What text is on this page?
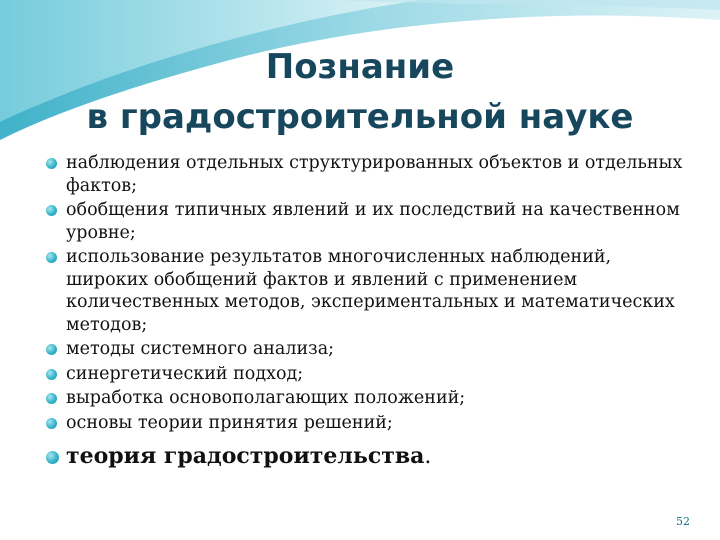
Познание
в градостроительной науке
наблюдения отдельных структурированных объектов и отдельных фактов;
обобщения типичных явлений и их последствий на качественном уровне;
использование результатов многочисленных наблюдений, широких обобщений фактов и явлений с применением количественных методов, экспериментальных и математических методов;
методы системного анализа;
синергетический подход;
выработка основополагающих положений;
основы теории принятия решений;
теория градостроительства.
52
